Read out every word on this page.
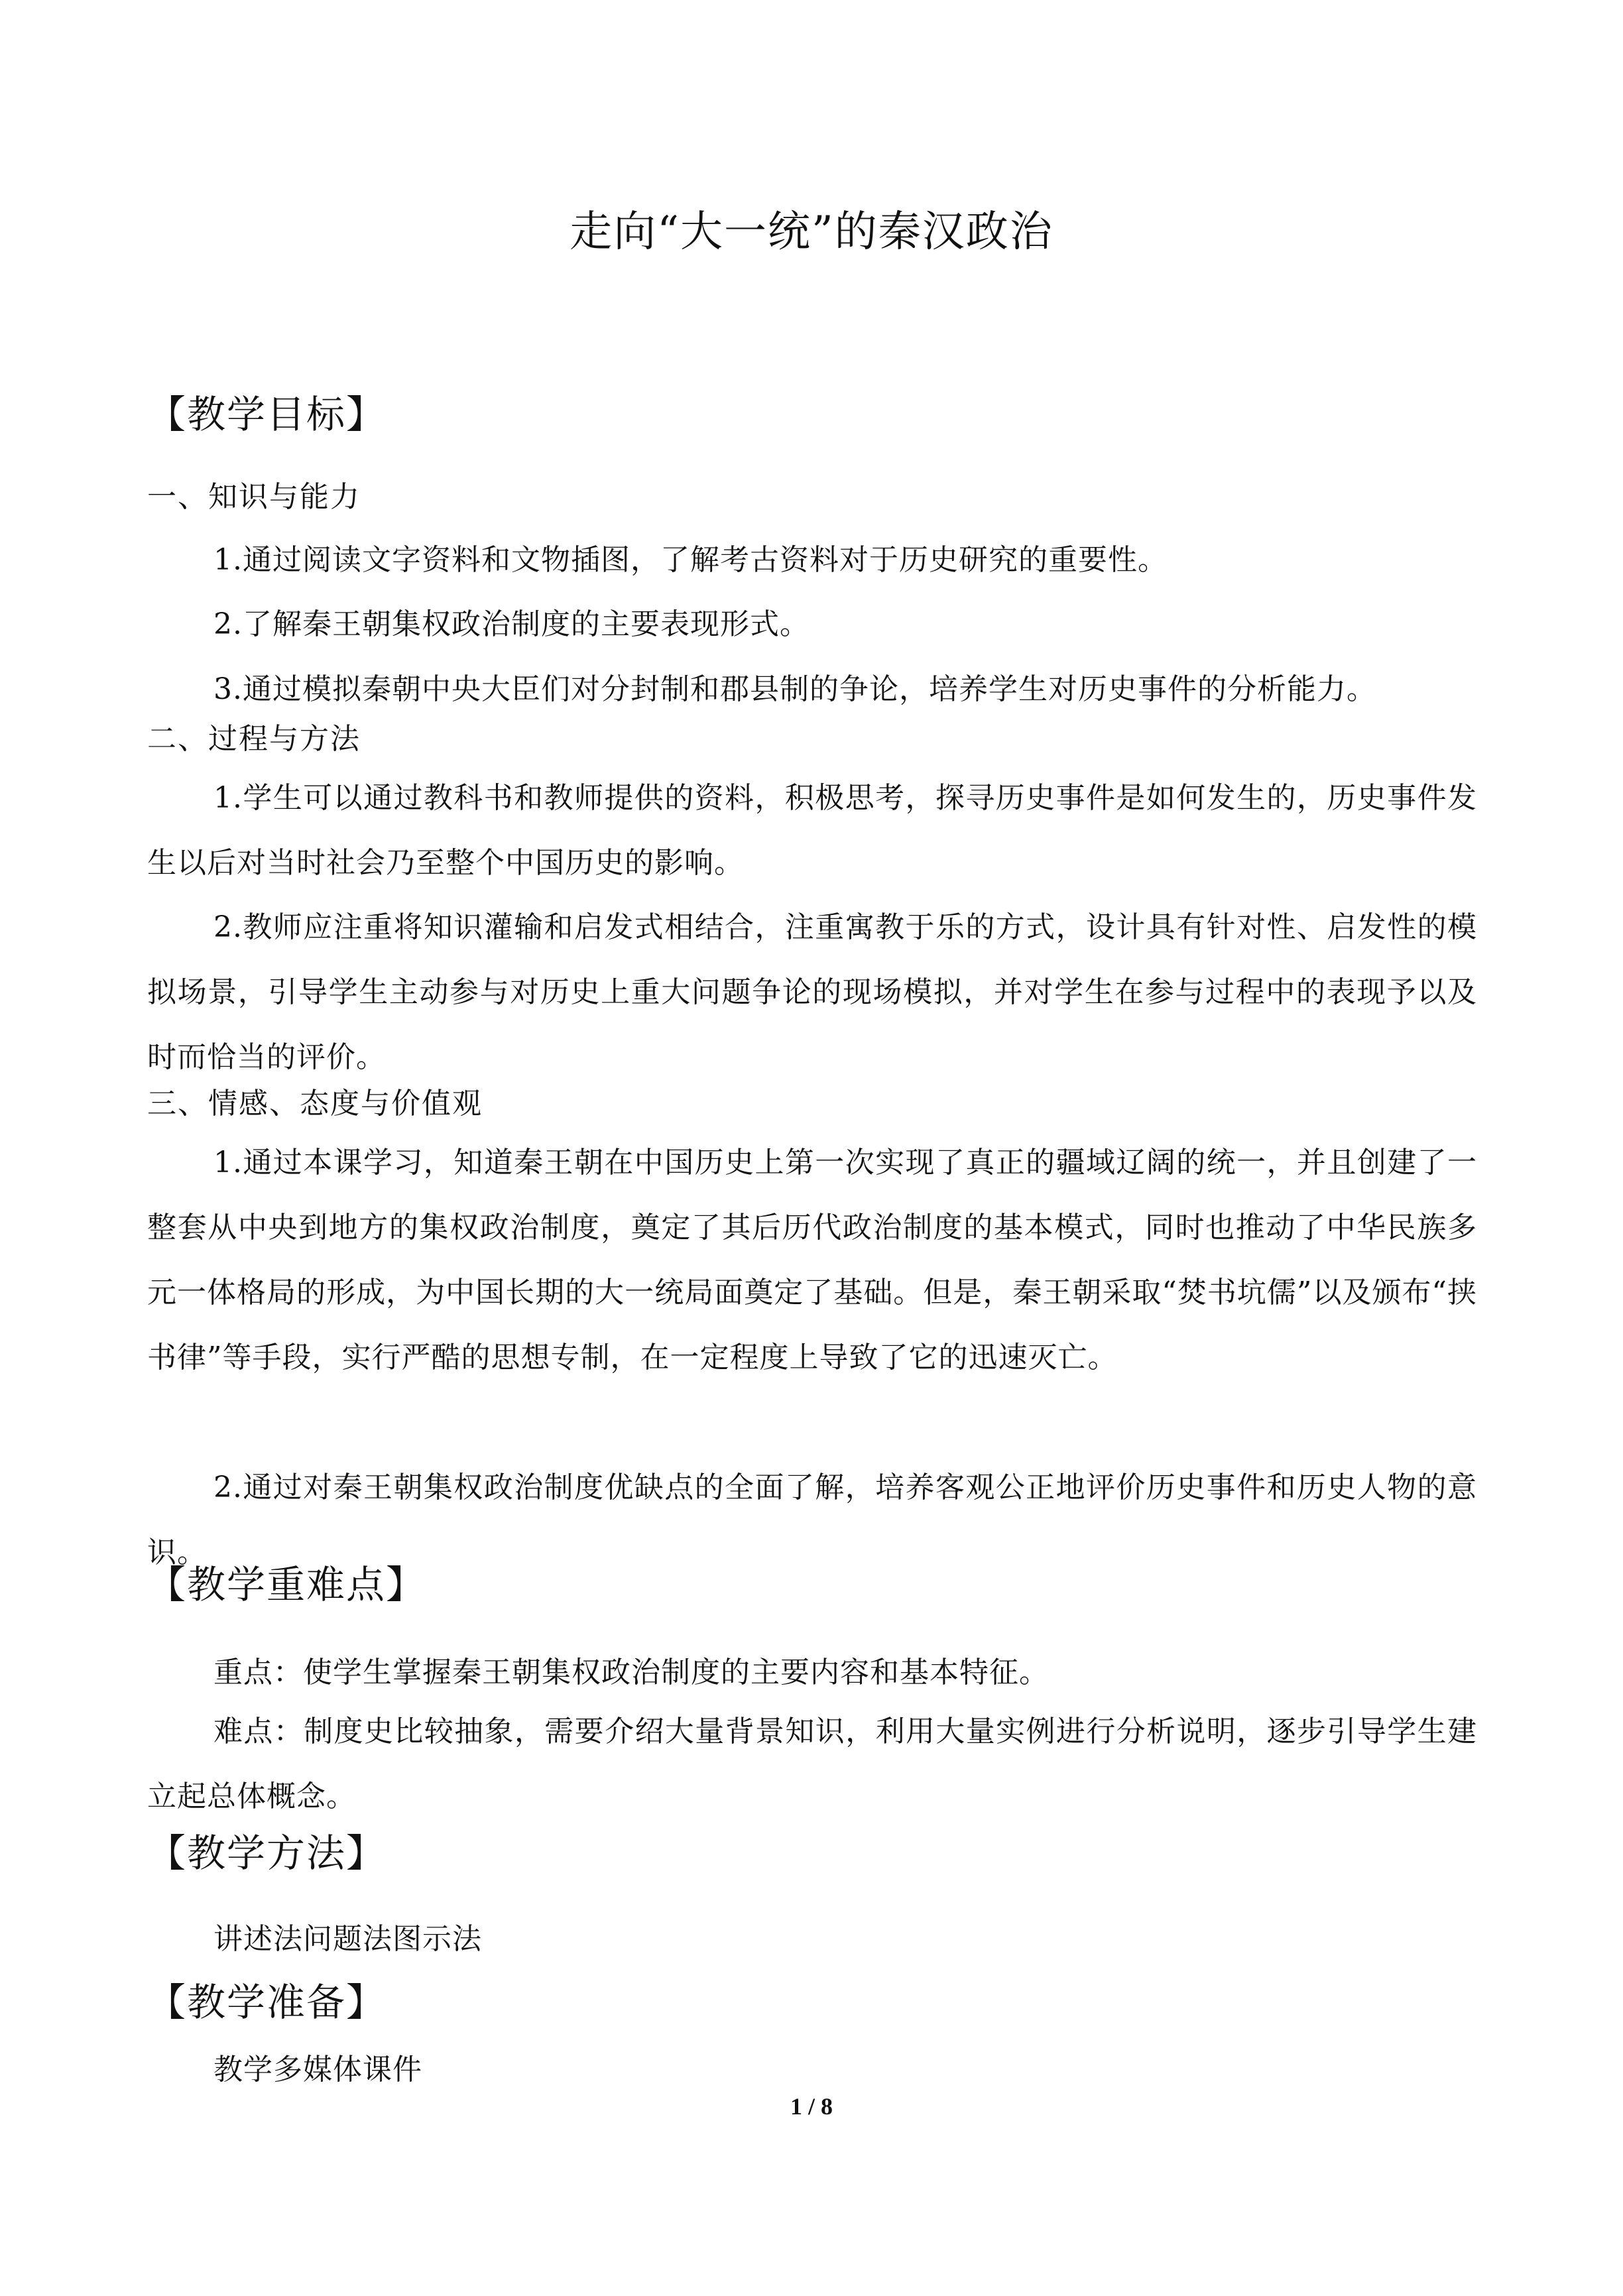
走向“大一统”的秦汉政治
【教学目标】
一、知识与能力
1.通过阅读文字资料和文物插图，了解考古资料对于历史研究的重要性。
2.了解秦王朝集权政治制度的主要表现形式。
3.通过模拟秦朝中央大臣们对分封制和郡县制的争论，培养学生对历史事件的分析能力。
二、过程与方法
1.学生可以通过教科书和教师提供的资料，积极思考，探寻历史事件是如何发生的，历史事件发生以后对当时社会乃至整个中国历史的影响。
2.教师应注重将知识灌输和启发式相结合，注重寓教于乐的方式，设计具有针对性、启发性的模拟场景，引导学生主动参与对历史上重大问题争论的现场模拟，并对学生在参与过程中的表现予以及时而恰当的评价。
三、情感、态度与价值观
1.通过本课学习，知道秦王朝在中国历史上第一次实现了真正的疆域辽阔的统一，并且创建了一整套从中央到地方的集权政治制度，奠定了其后历代政治制度的基本模式，同时也推动了中华民族多元一体格局的形成，为中国长期的大一统局面奠定了基础。但是，秦王朝采取“焚书坑儒”以及颁布“挟书律”等手段，实行严酷的思想专制，在一定程度上导致了它的迅速灭亡。
2.通过对秦王朝集权政治制度优缺点的全面了解，培养客观公正地评价历史事件和历史人物的意识。
【教学重难点】
重点：使学生掌握秦王朝集权政治制度的主要内容和基本特征。
难点：制度史比较抽象，需要介绍大量背景知识，利用大量实例进行分析说明，逐步引导学生建立起总体概念。
【教学方法】
讲述法问题法图示法
【教学准备】
教学多媒体课件
1 / 8
